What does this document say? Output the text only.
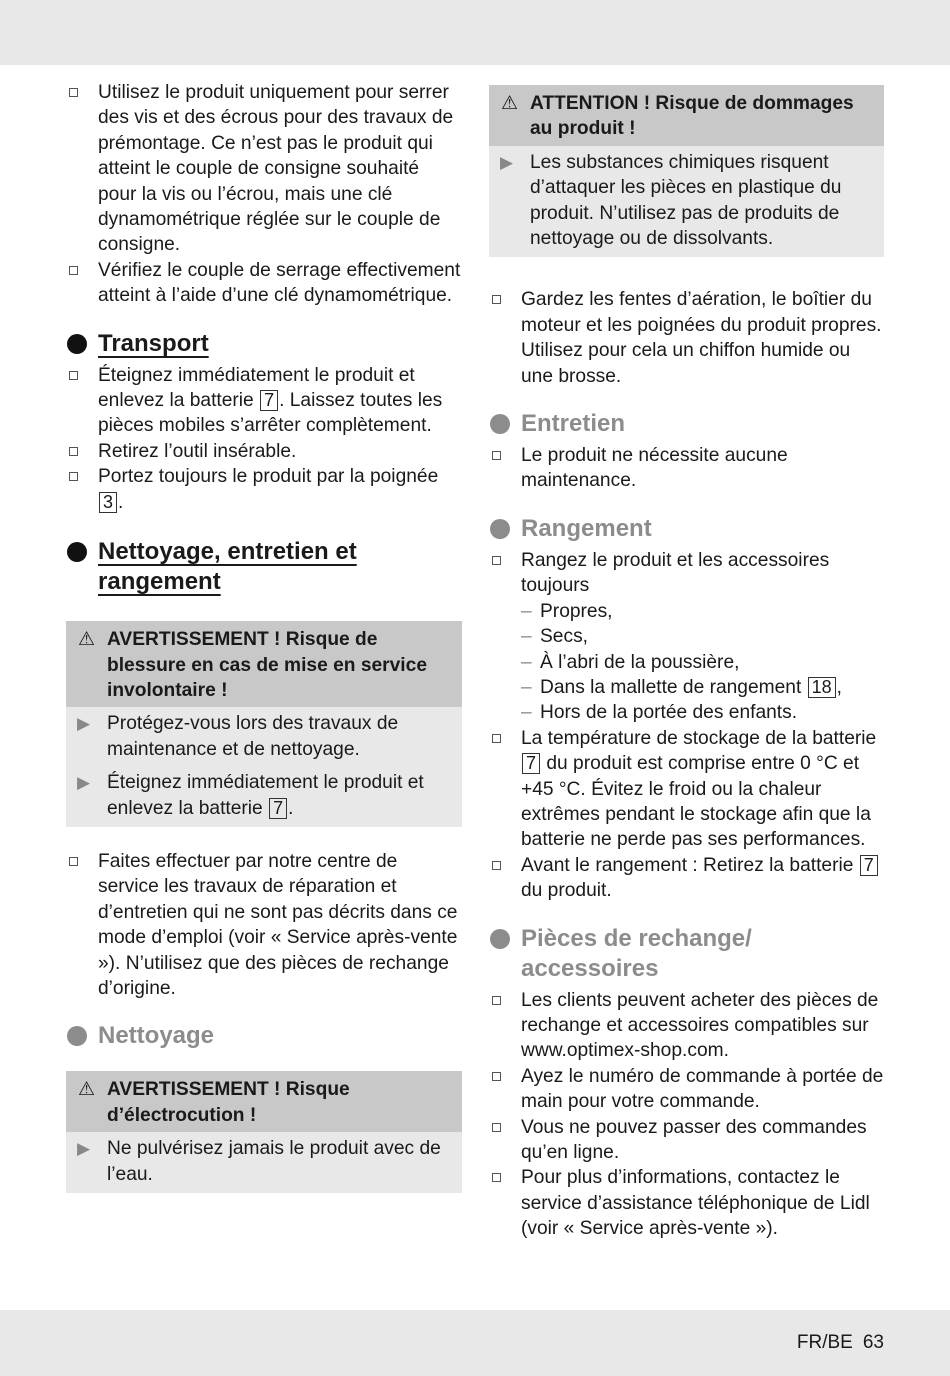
Utilisez le produit uniquement pour serrer des vis et des écrous pour des travaux de prémontage. Ce n’est pas le produit qui atteint le couple de consigne souhaité pour la vis ou l’écrou, mais une clé dynamométrique réglée sur le couple de consigne.
Vérifiez le couple de serrage effectivement atteint à l’aide d’une clé dynamométrique.
Transport
Éteignez immédiatement le produit et enlevez la batterie 7 . Laissez toutes les pièces mobiles s’arrêter complètement.
Retirez l’outil insérable.
Portez toujours le produit par la poignée 3 .
Nettoyage, entretien et rangement
⚠ AVERTISSEMENT ! Risque de blessure en cas de mise en service involontaire !
▶ Protégez-vous lors des travaux de maintenance et de nettoyage.
▶ Éteignez immédiatement le produit et enlevez la batterie 7 .
Faites effectuer par notre centre de service les travaux de réparation et d’entretien qui ne sont pas décrits dans ce mode d’emploi (voir « Service après-vente »). N’utilisez que des pièces de rechange d’origine.
Nettoyage
⚠ AVERTISSEMENT ! Risque d’électrocution !
▶ Ne pulvérisez jamais le produit avec de l’eau.
⚠ ATTENTION ! Risque de dommages au produit !
▶ Les substances chimiques risquent d’attaquer les pièces en plastique du produit. N’utilisez pas de produits de nettoyage ou de dissolvants.
Gardez les fentes d’aération, le boîtier du moteur et les poignées du produit propres. Utilisez pour cela un chiffon humide ou une brosse.
Entretien
Le produit ne nécessite aucune maintenance.
Rangement
Rangez le produit et les accessoires toujours
– Propres,
– Secs,
– À l’abri de la poussière,
– Dans la mallette de rangement 18 ,
– Hors de la portée des enfants.
La température de stockage de la batterie 7 du produit est comprise entre 0 °C et +45 °C. Évitez le froid ou la chaleur extrêmes pendant le stockage afin que la batterie ne perde pas ses performances.
Avant le rangement : Retirez la batterie 7 du produit.
Pièces de rechange/ accessoires
Les clients peuvent acheter des pièces de rechange et accessoires compatibles sur www.optimex-shop.com.
Ayez le numéro de commande à portée de main pour votre commande.
Vous ne pouvez passer des commandes qu’en ligne.
Pour plus d’informations, contactez le service d’assistance téléphonique de Lidl (voir « Service après-vente »).
FR/BE 63
